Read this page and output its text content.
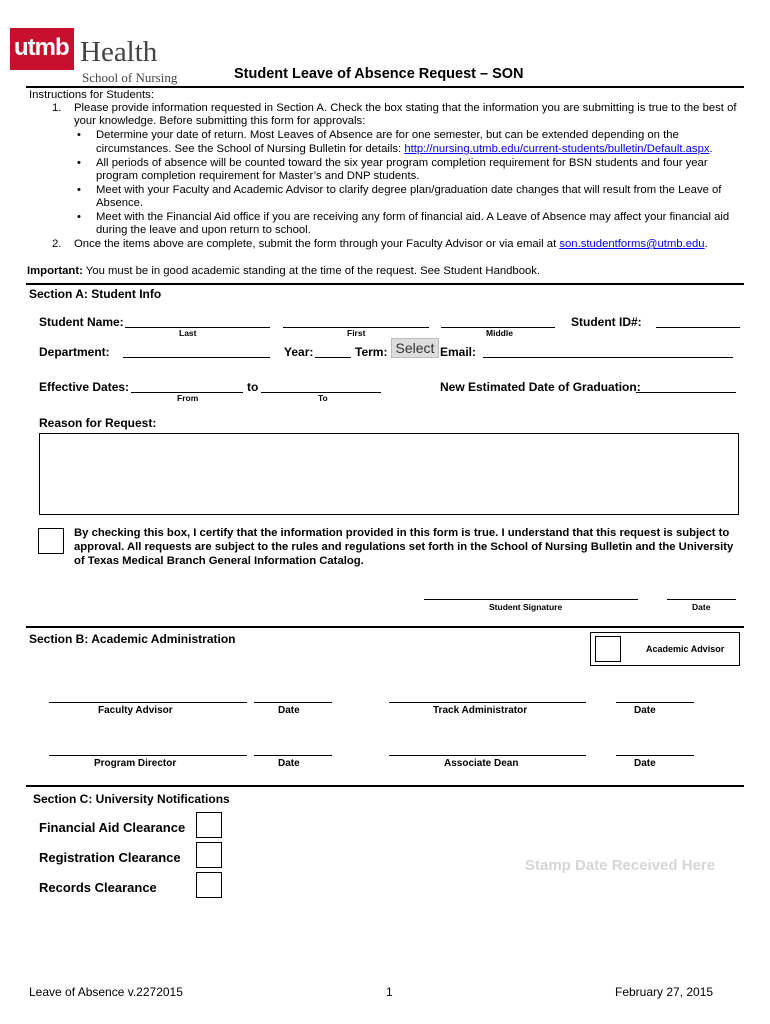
utmb Health
School of Nursing	Student Leave of Absence Request – SON
Instructions for Students:
1. Please provide information requested in Section A. Check the box stating that the information you are submitting is true to the best of
your knowledge. Before submitting this form for approvals:
• Determine your date of return. Most Leaves of Absence are for one semester, but can be extended depending on the
circumstances. See the School of Nursing Bulletin for details: http://nursing.utmb.edu/current-students/bulletin/Default.aspx.
• All periods of absence will be counted toward the six year program completion requirement for BSN students and four year
program completion requirement for Master’s and DNP students.
• Meet with your Faculty and Academic Advisor to clarify degree plan/graduation date changes that will result from the Leave of
Absence.
• Meet with the Financial Aid office if you are receiving any form of financial aid. A Leave of Absence may affect your financial aid
during the leave and upon return to school.
2. Once the items above are complete, submit the form through your Faculty Advisor or via email at son.studentforms@utmb.edu.
Important: You must be in good academic standing at the time of the request. See Student Handbook.
Section A: Student Info
Student Name:
Last	First	Middle
Student ID#:
Department:	Year:	Term: Select Email:
Effective Dates:	to
From	To
New Estimated Date of Graduation:
Reason for Request:
By checking this box, I certify that the information provided in this form is true. I understand that this request is subject to
approval. All requests are subject to the rules and regulations set forth in the School of Nursing Bulletin and the University
of Texas Medical Branch General Information Catalog.
Student Signature	Date
Section B: Academic Administration
Academic Advisor
Faculty Advisor	Date	Track Administrator	Date
Program Director	Date	Associate Dean	Date
Section C: University Notifications
Financial Aid Clearance
Registration Clearance
Records Clearance
Stamp Date Received Here
Leave of Absence v.2272015	1	February 27, 2015
